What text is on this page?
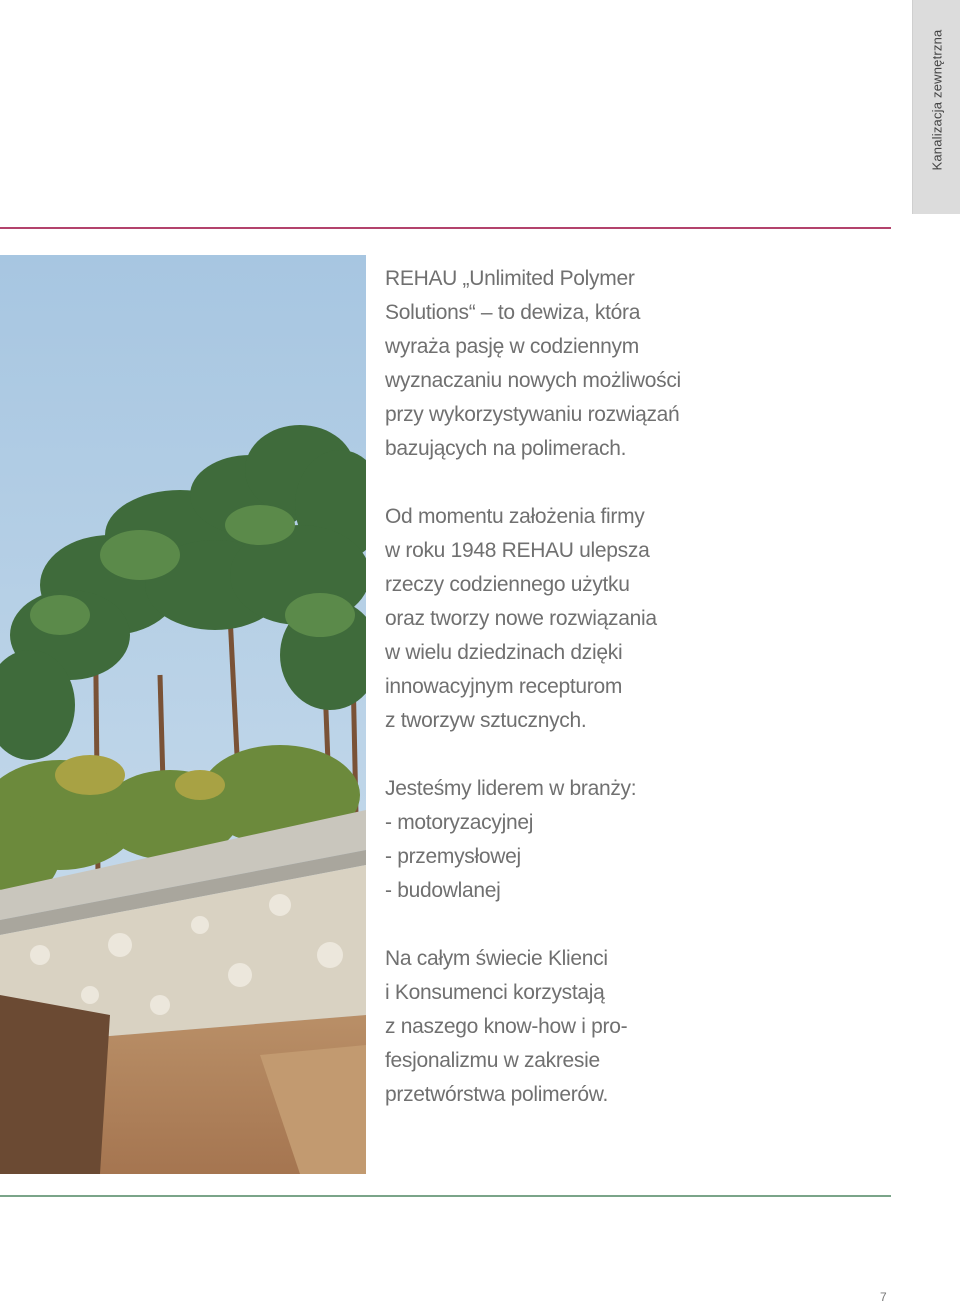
Kanalizacja zewnętrzna

REHAU „Unlimited Polymer
Solutions“ – to dewiza, która
wyraża pasję w codziennym
wyznaczaniu nowych możliwości
przy wykorzystywaniu rozwiązań
bazujących na polimerach.

Od momentu założenia firmy
w roku 1948 REHAU ulepsza
rzeczy codziennego użytku
oraz tworzy nowe rozwiązania
w wielu dziedzinach dzięki
innowacyjnym recepturom
z tworzyw sztucznych.

Jesteśmy liderem w branży:
- motoryzacyjnej
- przemysłowej
- budowlanej

Na całym świecie Klienci
i Konsumenci korzystają
z naszego know-how i pro-
fesjonalizmu w zakresie
przetwórstwa polimerów.

7
